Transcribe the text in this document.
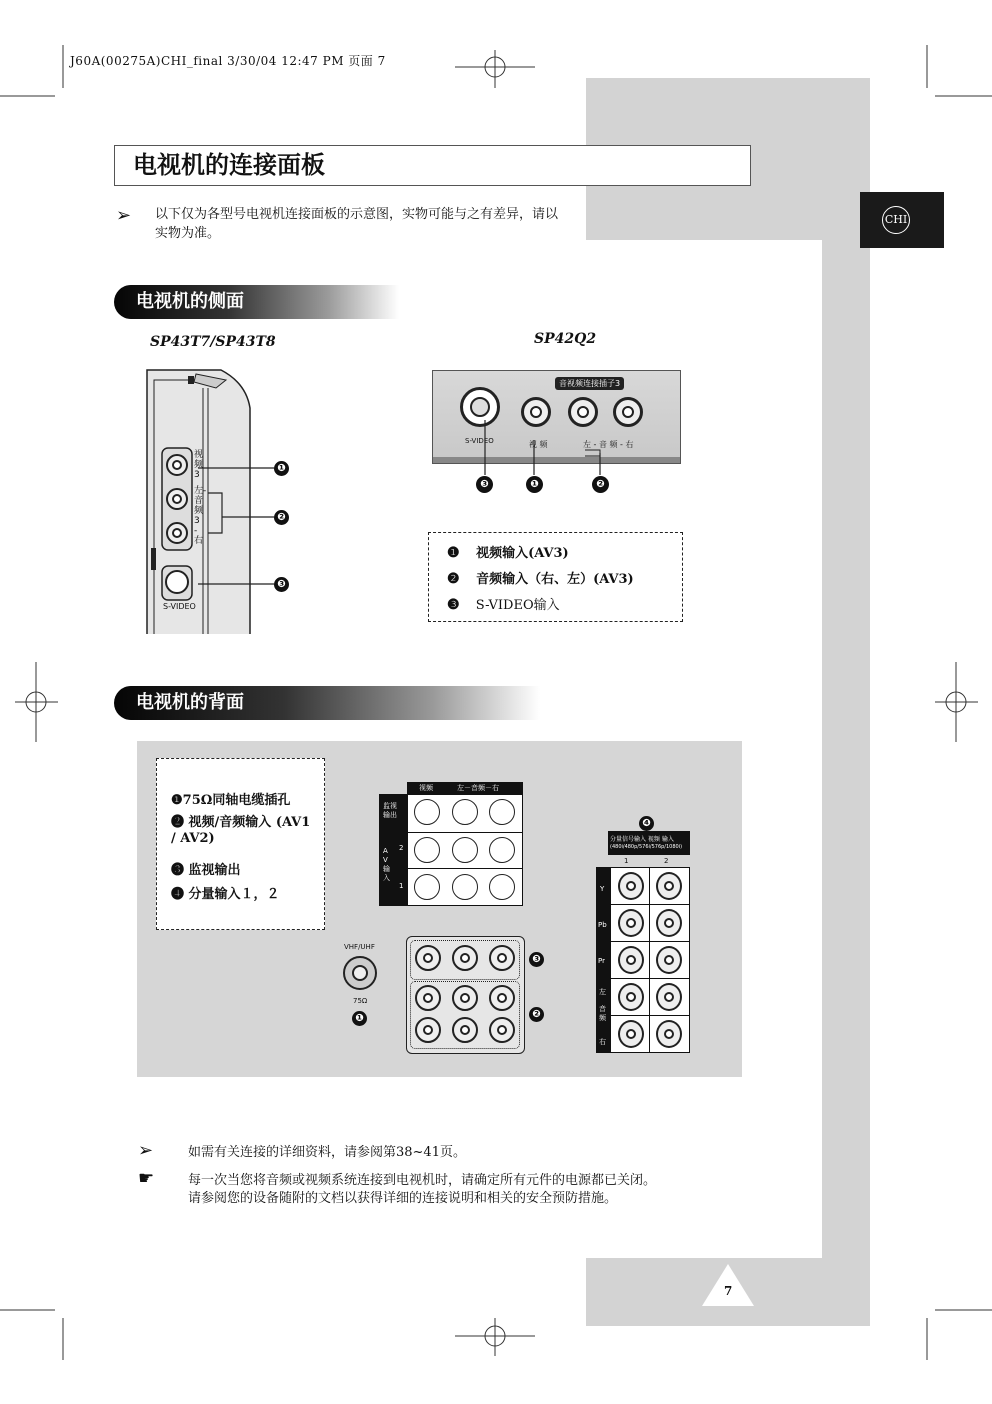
J60A(00275A)CHI_final 3/30/04 12:47 PM 页面 7
CHI
电视机的连接面板
➢ 以下仅为各型号电视机连接面板的示意图，实物可能与之有差异，请以实物为准。
电视机的侧面
SP43T7/SP43T8	SP42Q2
视频3
左-音频3-右
S-VIDEO
❶
❷
❸
音视频连接插子3
S-VIDEO	视 频	左 - 音 频 - 右
❸	❶	❷
❶ 视频输入(AV3)
❷ 音频输入（右、左）(AV3)
❸ S-VIDEO输入
电视机的背面
❶75Ω同轴电缆插孔
❷ 视频/音频输入 (AV1 / AV2)
❸ 监视输出
❹ 分量输入１，２
视频	左－音频－右
监视输出
AV输入
2
1
VHF/UHF
75Ω
❶
❸
❷
❹
分量信号输入 视频 输入
(480i/480p/576i/576p/1080i)
1	2
Y
Pb
Pr
左
音频
右
➢	如需有关连接的详细资料，请参阅第38~41页。
☛	每一次当您将音频或视频系统连接到电视机时，请确定所有元件的电源都已关闭。
请参阅您的设备随附的文档以获得详细的连接说明和相关的安全预防措施。
7
